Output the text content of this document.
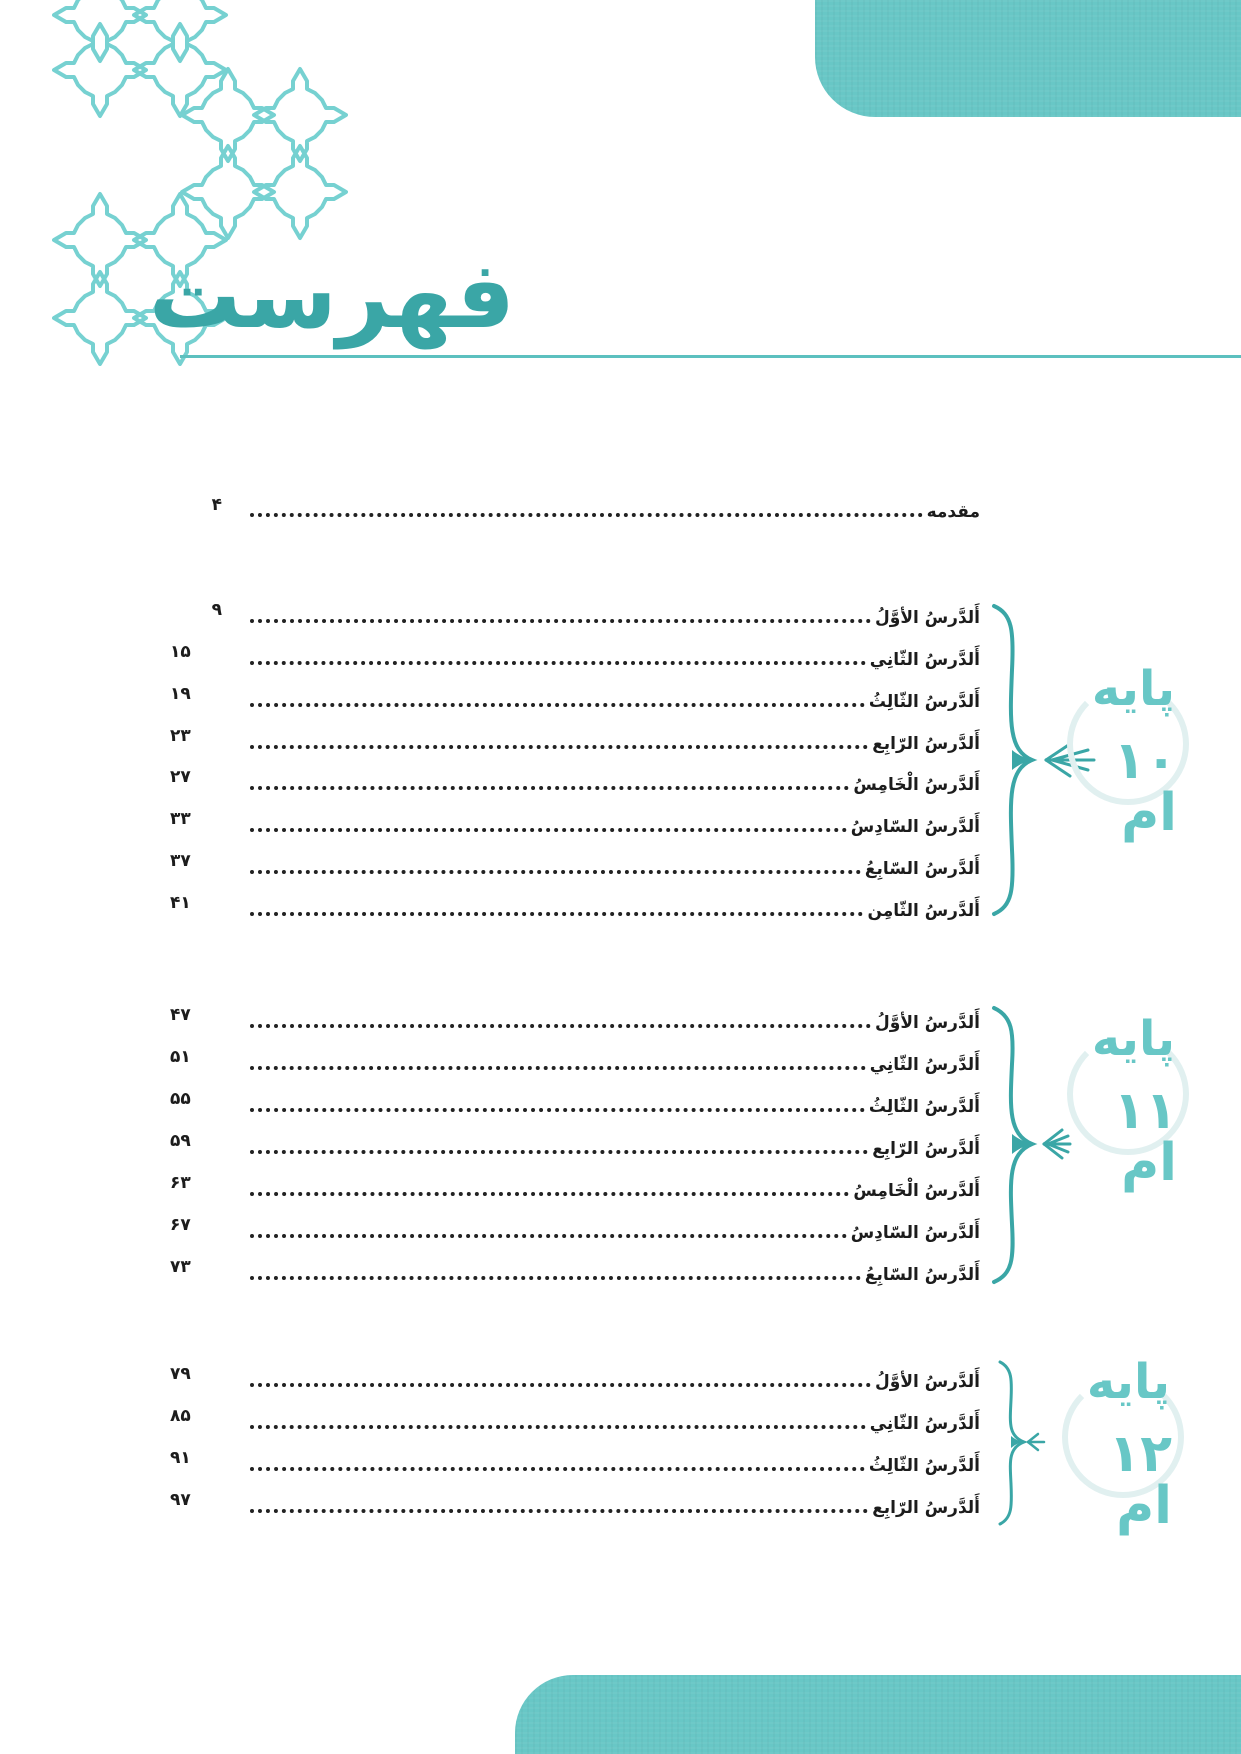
فهرست
مقدمه
۴
أَلدَّرسُ الأوَّلُ
۹
أَلدَّرسُ الثّانِي
۱۵
أَلدَّرسُ الثّالِثُ
۱۹
أَلدَّرسُ الرّابِع
۲۳
أَلدَّرسُ الْخَامِسُ
۲۷
أَلدَّرسُ السّادِسُ
۳۳
أَلدَّرسُ السّابِعُ
۳۷
أَلدَّرسُ الثّامِن
۴۱
پایه
۱۰ ام
أَلدَّرسُ الأوَّلُ
۴۷
أَلدَّرسُ الثّانِي
۵۱
أَلدَّرسُ الثّالِثُ
۵۵
أَلدَّرسُ الرّابِع
۵۹
أَلدَّرسُ الْخَامِسُ
۶۳
أَلدَّرسُ السّادِسُ
۶۷
أَلدَّرسُ السّابِعُ
۷۳
پایه
۱۱ ام
أَلدَّرسُ الأوَّلُ
۷۹
أَلدَّرسُ الثّانِي
۸۵
أَلدَّرسُ الثّالِثُ
۹۱
أَلدَّرسُ الرّابِع
۹۷
پایه
۱۲ ام
